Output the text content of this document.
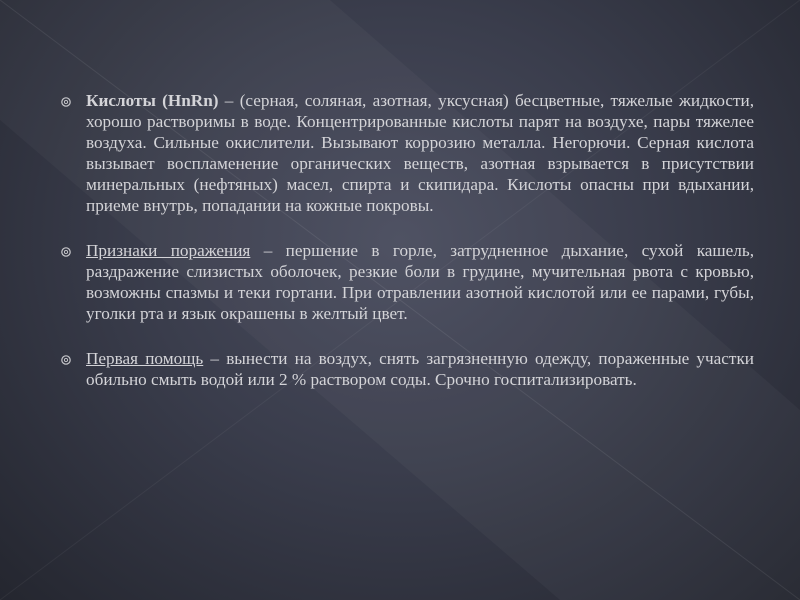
Кислоты (HnRn) – (серная, соляная, азотная, уксусная) бесцветные, тяжелые жидкости, хорошо растворимы в воде. Концентрированные кислоты парят на воздухе, пары тяжелее воздуха. Сильные окислители. Вызывают коррозию металла. Негорючи. Серная кислота вызывает воспламенение органических веществ, азотная взрывается в присутствии минеральных (нефтяных) масел, спирта и скипидара. Кислоты опасны при вдыхании, приеме внутрь, попадании на кожные покровы.
Признаки поражения – першение в горле, затрудненное дыхание, сухой кашель, раздражение слизистых оболочек, резкие боли в грудине, мучительная рвота с кровью, возможны спазмы и теки гортани. При отравлении азотной кислотой или ее парами, губы, уголки рта и язык окрашены в желтый цвет.
Первая помощь – вынести на воздух, снять загрязненную одежду, пораженные участки обильно смыть водой или 2 % раствором соды. Срочно госпитализировать.
